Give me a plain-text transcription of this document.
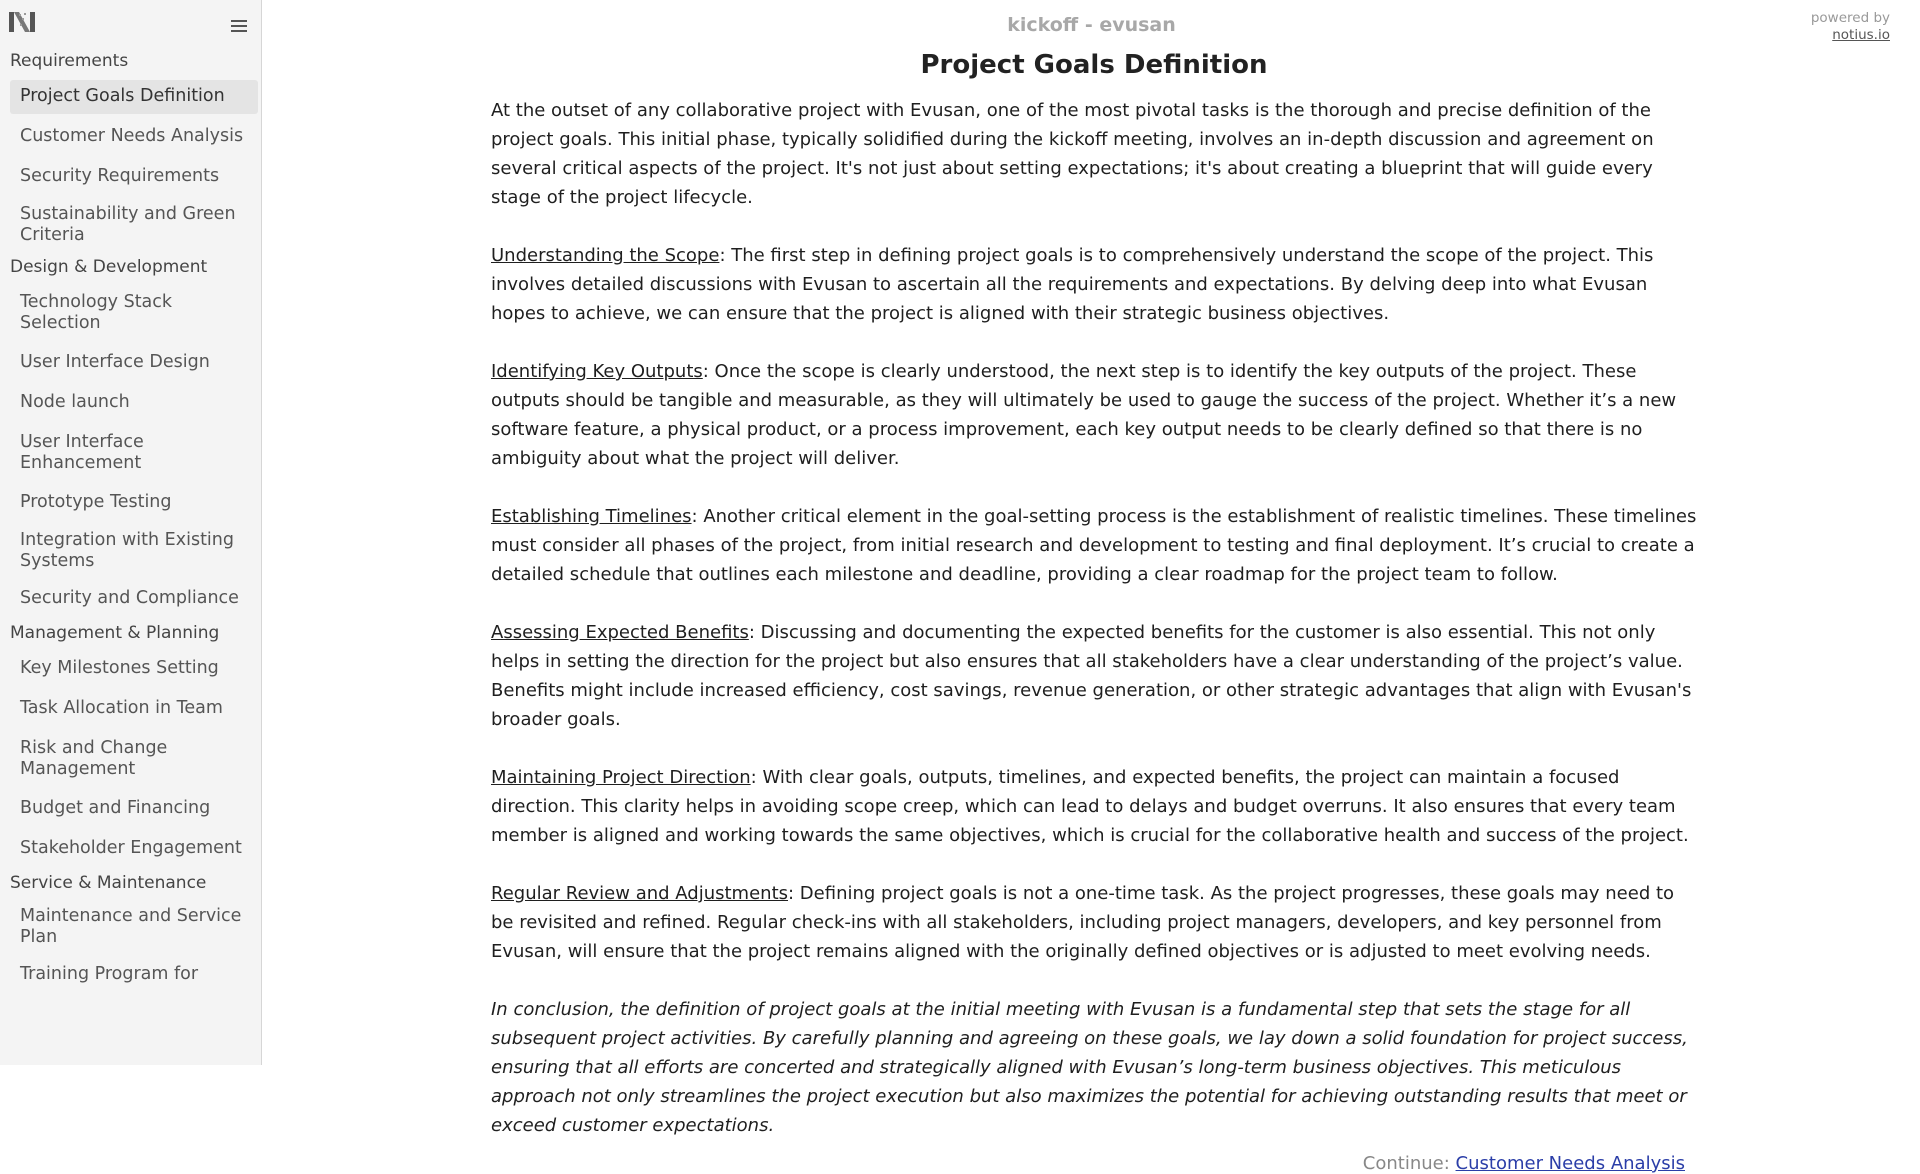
Requirements
Project Goals Definition
Customer Needs Analysis
Security Requirements
Sustainability and Green Criteria
Design & Development
Technology Stack Selection
User Interface Design
Node launch
User Interface Enhancement
Prototype Testing
Integration with Existing Systems
Security and Compliance
Management & Planning
Key Milestones Setting
Task Allocation in Team
Risk and Change Management
Budget and Financing
Stakeholder Engagement
Service & Maintenance
Maintenance and Service Plan
Training Program for
kickoff - evusan	powered by
notius.io
Project Goals Definition

At the outset of any collaborative project with Evusan, one of the most pivotal tasks is the thorough and precise definition of the project goals. This initial phase, typically solidified during the kickoff meeting, involves an in-depth discussion and agreement on several critical aspects of the project. It's not just about setting expectations; it's about creating a blueprint that will guide every stage of the project lifecycle.

Understanding the Scope: The first step in defining project goals is to comprehensively understand the scope of the project. This involves detailed discussions with Evusan to ascertain all the requirements and expectations. By delving deep into what Evusan hopes to achieve, we can ensure that the project is aligned with their strategic business objectives.

Identifying Key Outputs: Once the scope is clearly understood, the next step is to identify the key outputs of the project. These outputs should be tangible and measurable, as they will ultimately be used to gauge the success of the project. Whether it’s a new software feature, a physical product, or a process improvement, each key output needs to be clearly defined so that there is no ambiguity about what the project will deliver.

Establishing Timelines: Another critical element in the goal-setting process is the establishment of realistic timelines. These timelines must consider all phases of the project, from initial research and development to testing and final deployment. It’s crucial to create a detailed schedule that outlines each milestone and deadline, providing a clear roadmap for the project team to follow.

Assessing Expected Benefits: Discussing and documenting the expected benefits for the customer is also essential. This not only helps in setting the direction for the project but also ensures that all stakeholders have a clear understanding of the project’s value. Benefits might include increased efficiency, cost savings, revenue generation, or other strategic advantages that align with Evusan's broader goals.

Maintaining Project Direction: With clear goals, outputs, timelines, and expected benefits, the project can maintain a focused direction. This clarity helps in avoiding scope creep, which can lead to delays and budget overruns. It also ensures that every team member is aligned and working towards the same objectives, which is crucial for the collaborative health and success of the project.

Regular Review and Adjustments: Defining project goals is not a one-time task. As the project progresses, these goals may need to be revisited and refined. Regular check-ins with all stakeholders, including project managers, developers, and key personnel from Evusan, will ensure that the project remains aligned with the originally defined objectives or is adjusted to meet evolving needs.

In conclusion, the definition of project goals at the initial meeting with Evusan is a fundamental step that sets the stage for all subsequent project activities. By carefully planning and agreeing on these goals, we lay down a solid foundation for project success, ensuring that all efforts are concerted and strategically aligned with Evusan’s long-term business objectives. This meticulous approach not only streamlines the project execution but also maximizes the potential for achieving outstanding results that meet or exceed customer expectations.

Continue: Customer Needs Analysis
